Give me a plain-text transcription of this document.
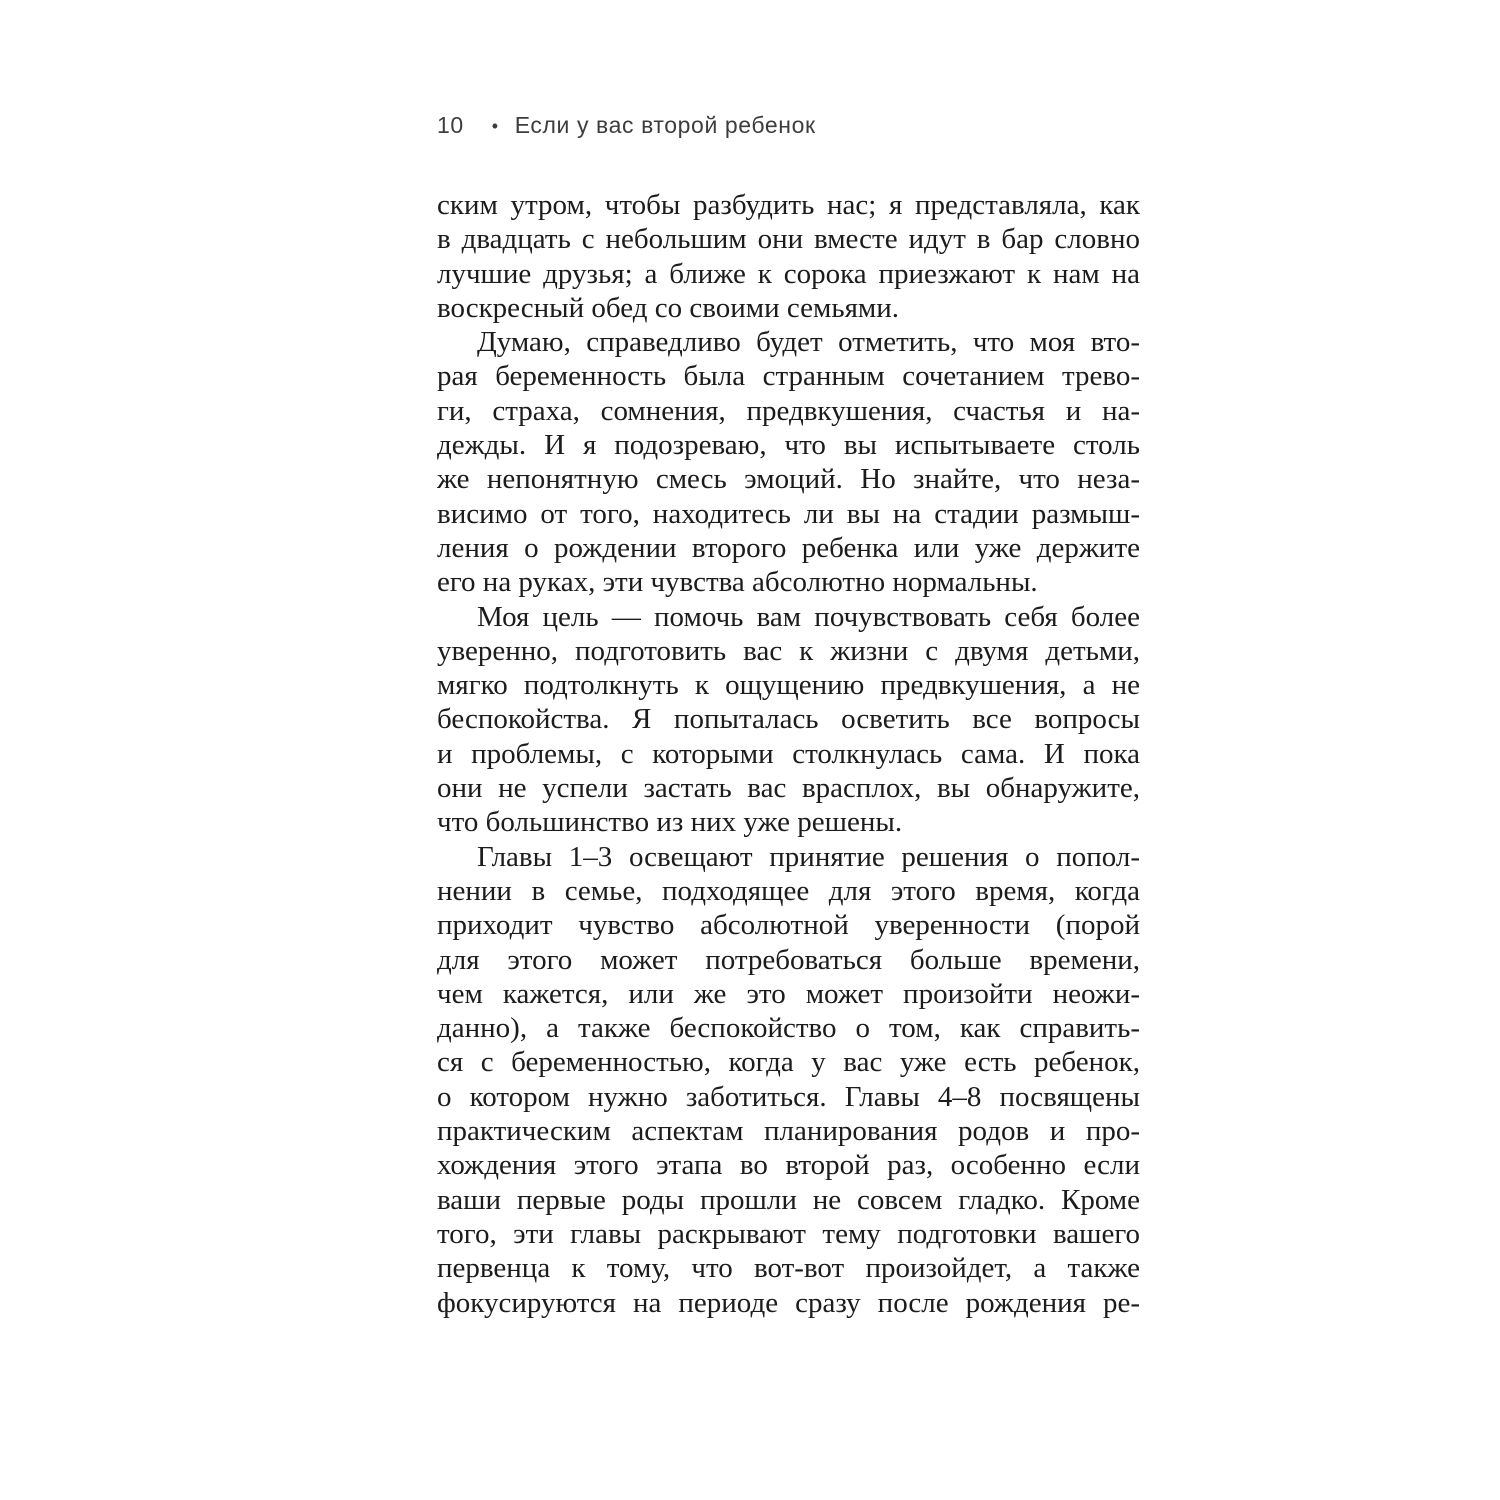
10 • Если у вас второй ребенок
ским утром, чтобы разбудить нас; я представляла, как
в двадцать с небольшим они вместе идут в бар словно
лучшие друзья; а ближе к сорока приезжают к нам на
воскресный обед со своими семьями.
Думаю, справедливо будет отметить, что моя вто-
рая беременность была странным сочетанием трево-
ги, страха, сомнения, предвкушения, счастья и на-
дежды. И я подозреваю, что вы испытываете столь
же непонятную смесь эмоций. Но знайте, что неза-
висимо от того, находитесь ли вы на стадии размыш-
ления о рождении второго ребенка или уже держите
его на руках, эти чувства абсолютно нормальны.
Моя цель — помочь вам почувствовать себя более
уверенно, подготовить вас к жизни с двумя детьми,
мягко подтолкнуть к ощущению предвкушения, а не
беспокойства. Я попыталась осветить все вопросы
и проблемы, с которыми столкнулась сама. И пока
они не успели застать вас врасплох, вы обнаружите,
что большинство из них уже решены.
Главы 1–3 освещают принятие решения о попол-
нении в семье, подходящее для этого время, когда
приходит чувство абсолютной уверенности (порой
для этого может потребоваться больше времени,
чем кажется, или же это может произойти неожи-
данно), а также беспокойство о том, как справить-
ся с беременностью, когда у вас уже есть ребенок,
о котором нужно заботиться. Главы 4–8 посвящены
практическим аспектам планирования родов и про-
хождения этого этапа во второй раз, особенно если
ваши первые роды прошли не совсем гладко. Кроме
того, эти главы раскрывают тему подготовки вашего
первенца к тому, что вот-вот произойдет, а также
фокусируются на периоде сразу после рождения ре-
